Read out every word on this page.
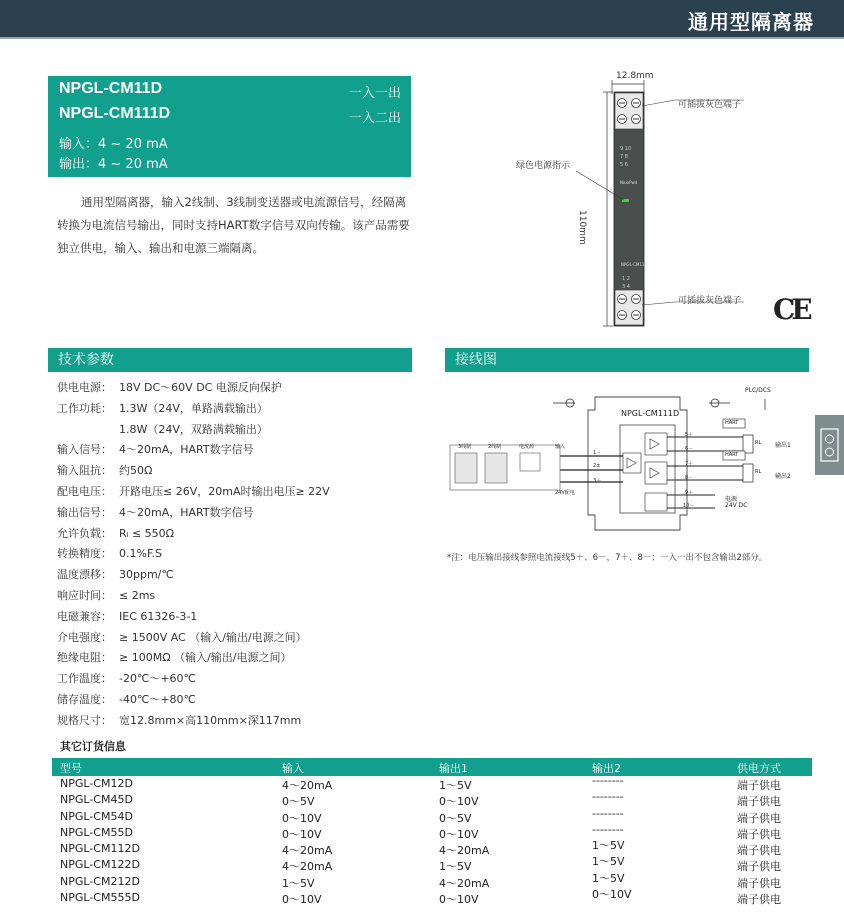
通用型隔离器
NPGL-CM11D	一入一出
NPGL-CM111D	一入二出
输入：4 ~ 20 mA
输出：4 ~ 20 mA
通用型隔离器，输入2线制、3线制变送器或电流源信号，经隔离转换为电流信号输出，同时支持HART数字信号双向传输。该产品需要独立供电，输入、输出和电源三端隔离。
9 10
7 8
5 6
NPGL-CM11D
1 2
3 4
12.8mm
110mm
可插拔灰色端子
绿色电源指示
可插拔灰色端子
NiuoPwd
CE
技术参数	接线图
供电电源： 18V DC～60V DC 电源反向保护
工作功耗： 1.3W（24V，单路满载输出）
1.8W（24V，双路满载输出）
输入信号： 4～20mA，HART数字信号
输入阻抗： 约50Ω
配电电压： 开路电压≤ 26V，20mA时输出电压≥ 22V
输出信号： 4～20mA，HART数字信号
允许负载： Rₗ ≤ 550Ω
转换精度： 0.1%F.S
温度漂移： 30ppm/℃
响应时间： ≤ 2ms
电磁兼容： IEC 61326-3-1
介电强度： ≥ 1500V AC （输入/输出/电源之间）
绝缘电阻： ≥ 100MΩ （输入/输出/电源之间）
工作温度： -20℃～+60℃
储存温度： -40℃～+80℃
规格尺寸： 宽12.8mm×高110mm×深117mm
NPGL-CM111D
PLC/DCS
HART
HART
输出1
输出2
RL
RL
电源
24V DC
3线制	2线制	电流源	输入
24V配电
1－
2±
3＋
5＋
6－
7＋
8－
9＋
10－
*注：电压输出接线参照电流接线5＋、6－，7＋、8－；一入一出不包含输出2部分。
其它订货信息
型号	输入	输出1	输出2	供电方式
NPGL-CM12D	4～20mA	1～5V	--------	端子供电
NPGL-CM45D	0～5V	0～10V	--------	端子供电
NPGL-CM54D	0～10V	0～5V	--------	端子供电
NPGL-CM55D	0～10V	0～10V	--------	端子供电
NPGL-CM112D	4～20mA	4～20mA	1～5V	端子供电
NPGL-CM122D	4～20mA	1～5V	1～5V	端子供电
NPGL-CM212D	1～5V	4～20mA	1～5V	端子供电
NPGL-CM555D	0～10V	0～10V	0～10V	端子供电
